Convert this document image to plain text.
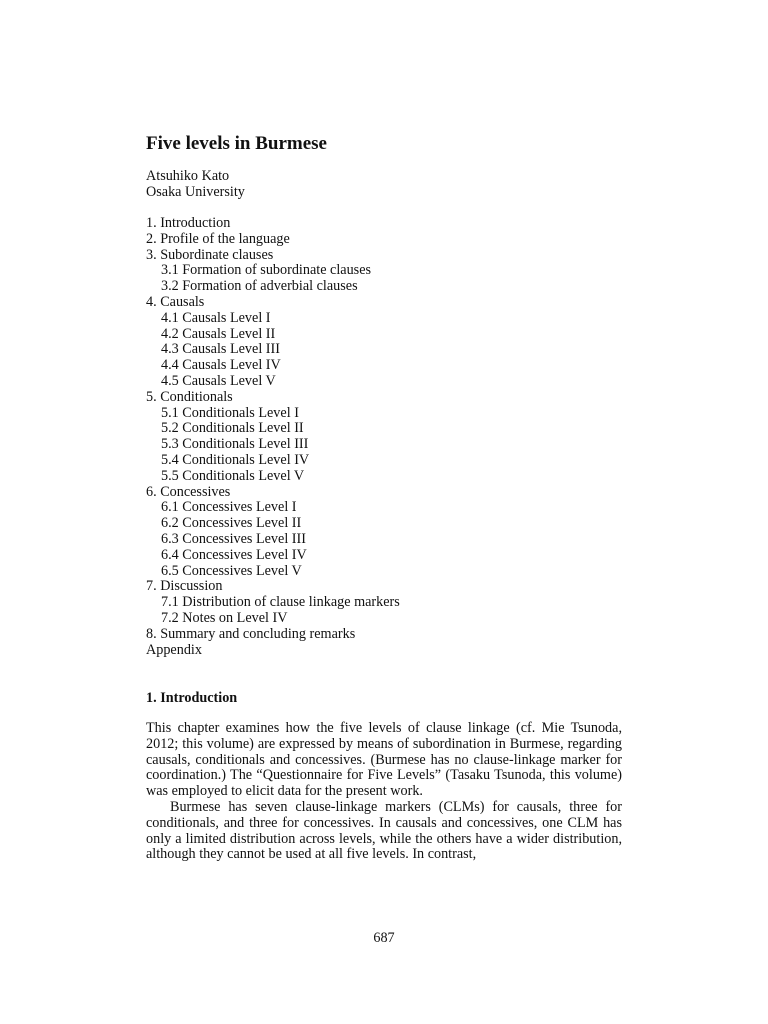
Five levels in Burmese
Atsuhiko Kato
Osaka University
1. Introduction
2. Profile of the language
3. Subordinate clauses
3.1 Formation of subordinate clauses
3.2 Formation of adverbial clauses
4. Causals
4.1 Causals Level I
4.2 Causals Level II
4.3 Causals Level III
4.4 Causals Level IV
4.5 Causals Level V
5. Conditionals
5.1 Conditionals Level I
5.2 Conditionals Level II
5.3 Conditionals Level III
5.4 Conditionals Level IV
5.5 Conditionals Level V
6. Concessives
6.1 Concessives Level I
6.2 Concessives Level II
6.3 Concessives Level III
6.4 Concessives Level IV
6.5 Concessives Level V
7. Discussion
7.1 Distribution of clause linkage markers
7.2 Notes on Level IV
8. Summary and concluding remarks
Appendix
1. Introduction

This chapter examines how the five levels of clause linkage (cf. Mie Tsunoda, 2012; this volume) are expressed by means of subordination in Burmese, regarding causals, conditionals and concessives. (Burmese has no clause-linkage marker for coordination.) The “Questionnaire for Five Levels” (Tasaku Tsunoda, this volume) was employed to elicit data for the present work.

Burmese has seven clause-linkage markers (CLMs) for causals, three for conditionals, and three for concessives. In causals and concessives, one CLM has only a limited distribution across levels, while the others have a wider distribution, although they cannot be used at all five levels. In contrast,

687
